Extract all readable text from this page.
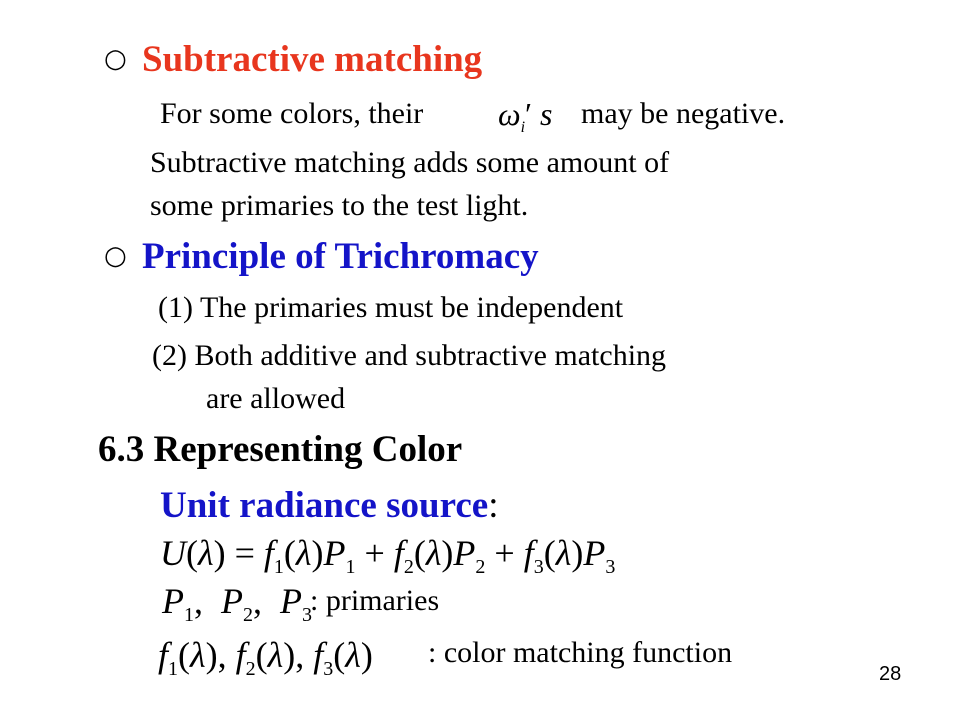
○ Subtractive matching
For some colors, their $\omega_i'$ s may be negative.
Subtractive matching adds some amount of
some primaries to the test light.
○ Principle of Trichromacy
(1) The primaries must be independent
(2) Both additive and subtractive matching
are allowed
6.3 Representing Color
Unit radiance source:
$U(\lambda) = f_1(\lambda)P_1 + f_2(\lambda)P_2 + f_3(\lambda)P_3$
$P_1$,  $P_2$,  $P_3$
: primaries
$f_1(\lambda)$, $f_2(\lambda)$, $f_3(\lambda)$ : color matching function
28
